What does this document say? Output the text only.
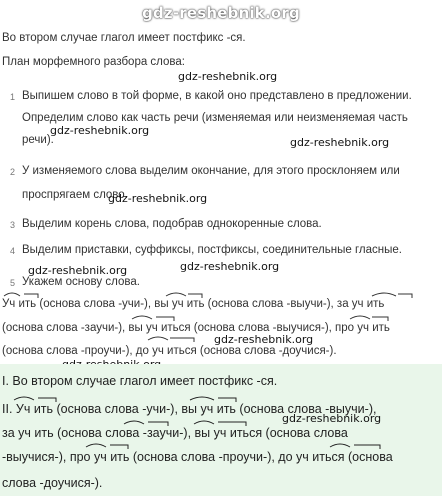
gdz-reshebnik.org
Во втором случае глагол имеет постфикс -ся.
План морфемного разбора слова:
gdz-reshebnik.org
1 Выпишем слово в той форме, в какой оно представлено в предложении.
Определим слово как часть речи (изменяемая или неизменяемая часть
gdz-reshebnik.org
речи).	gdz-reshebnik.org
2 У изменяемого слова выделим окончание, для этого просклоняем или
проспрягаем слово.
gdz-reshebnik.org
3 Выделим корень слова, подобрав однокоренные слова.
4 Выделим приставки, суффиксы, постфиксы, соединительные гласные.
gdz-reshebnik.org
gdz-reshebnik.org
5 Укажем основу слова.
Уч ить (основа слова -учи-), вы уч ить (основа слова -выучи-), за уч ить
(основа слова -заучи-), вы уч иться (основа слова -выучися-), про уч ить
gdz-reshebnik.org
(основа слова -проучи-), до уч иться (основа слова -доучися-).
I. Во втором случае глагол имеет постфикс -ся.
II. Уч ить (основа слова -учи-), вы уч ить (основа слова -выучи-),
gdz-reshebnik.org
за уч ить (основа слова -заучи-), вы уч иться (основа слова
-выучися-), про уч ить (основа слова -проучи-), до уч иться (основа
слова -доучися-).
